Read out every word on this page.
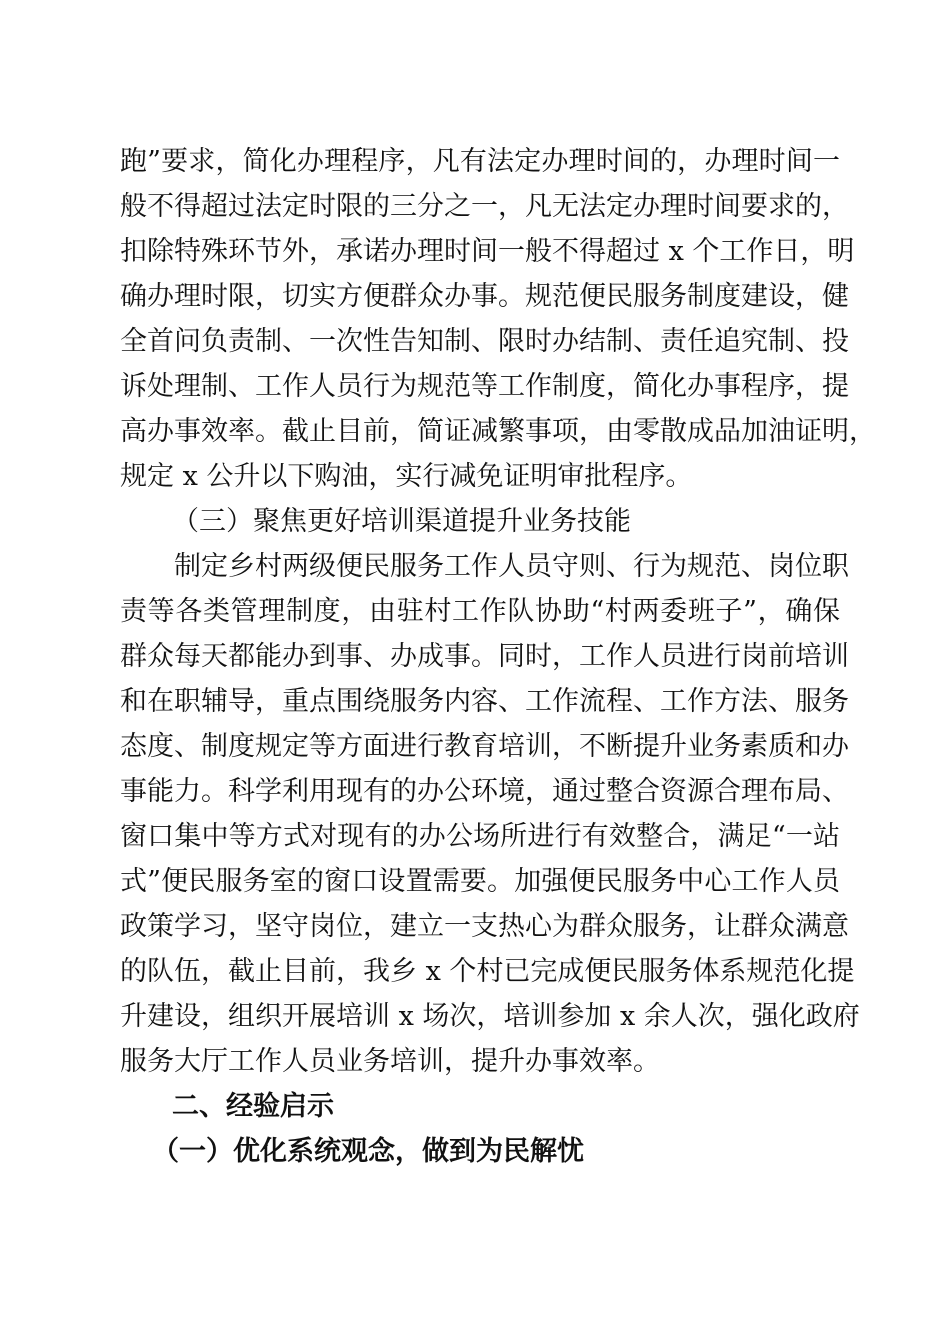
跑”要求，简化办理程序，凡有法定办理时间的，办理时间一
般不得超过法定时限的三分之一，凡无法定办理时间要求的，
扣除特殊环节外，承诺办理时间一般不得超过 x 个工作日，明
确办理时限，切实方便群众办事。规范便民服务制度建设，健
全首问负责制、一次性告知制、限时办结制、责任追究制、投
诉处理制、工作人员行为规范等工作制度，简化办事程序，提
高办事效率。截止目前，简证减繁事项，由零散成品加油证明，
规定 x 公升以下购油，实行减免证明审批程序。
（三）聚焦更好培训渠道提升业务技能
制定乡村两级便民服务工作人员守则、行为规范、岗位职
责等各类管理制度，由驻村工作队协助“村两委班子”，确保
群众每天都能办到事、办成事。同时，工作人员进行岗前培训
和在职辅导，重点围绕服务内容、工作流程、工作方法、服务
态度、制度规定等方面进行教育培训，不断提升业务素质和办
事能力。科学利用现有的办公环境，通过整合资源合理布局、
窗口集中等方式对现有的办公场所进行有效整合，满足“一站
式”便民服务室的窗口设置需要。加强便民服务中心工作人员
政策学习，坚守岗位，建立一支热心为群众服务，让群众满意
的队伍，截止目前，我乡 x 个村已完成便民服务体系规范化提
升建设，组织开展培训 x 场次，培训参加 x 余人次，强化政府
服务大厅工作人员业务培训，提升办事效率。
二、经验启示
（一）优化系统观念，做到为民解忧
